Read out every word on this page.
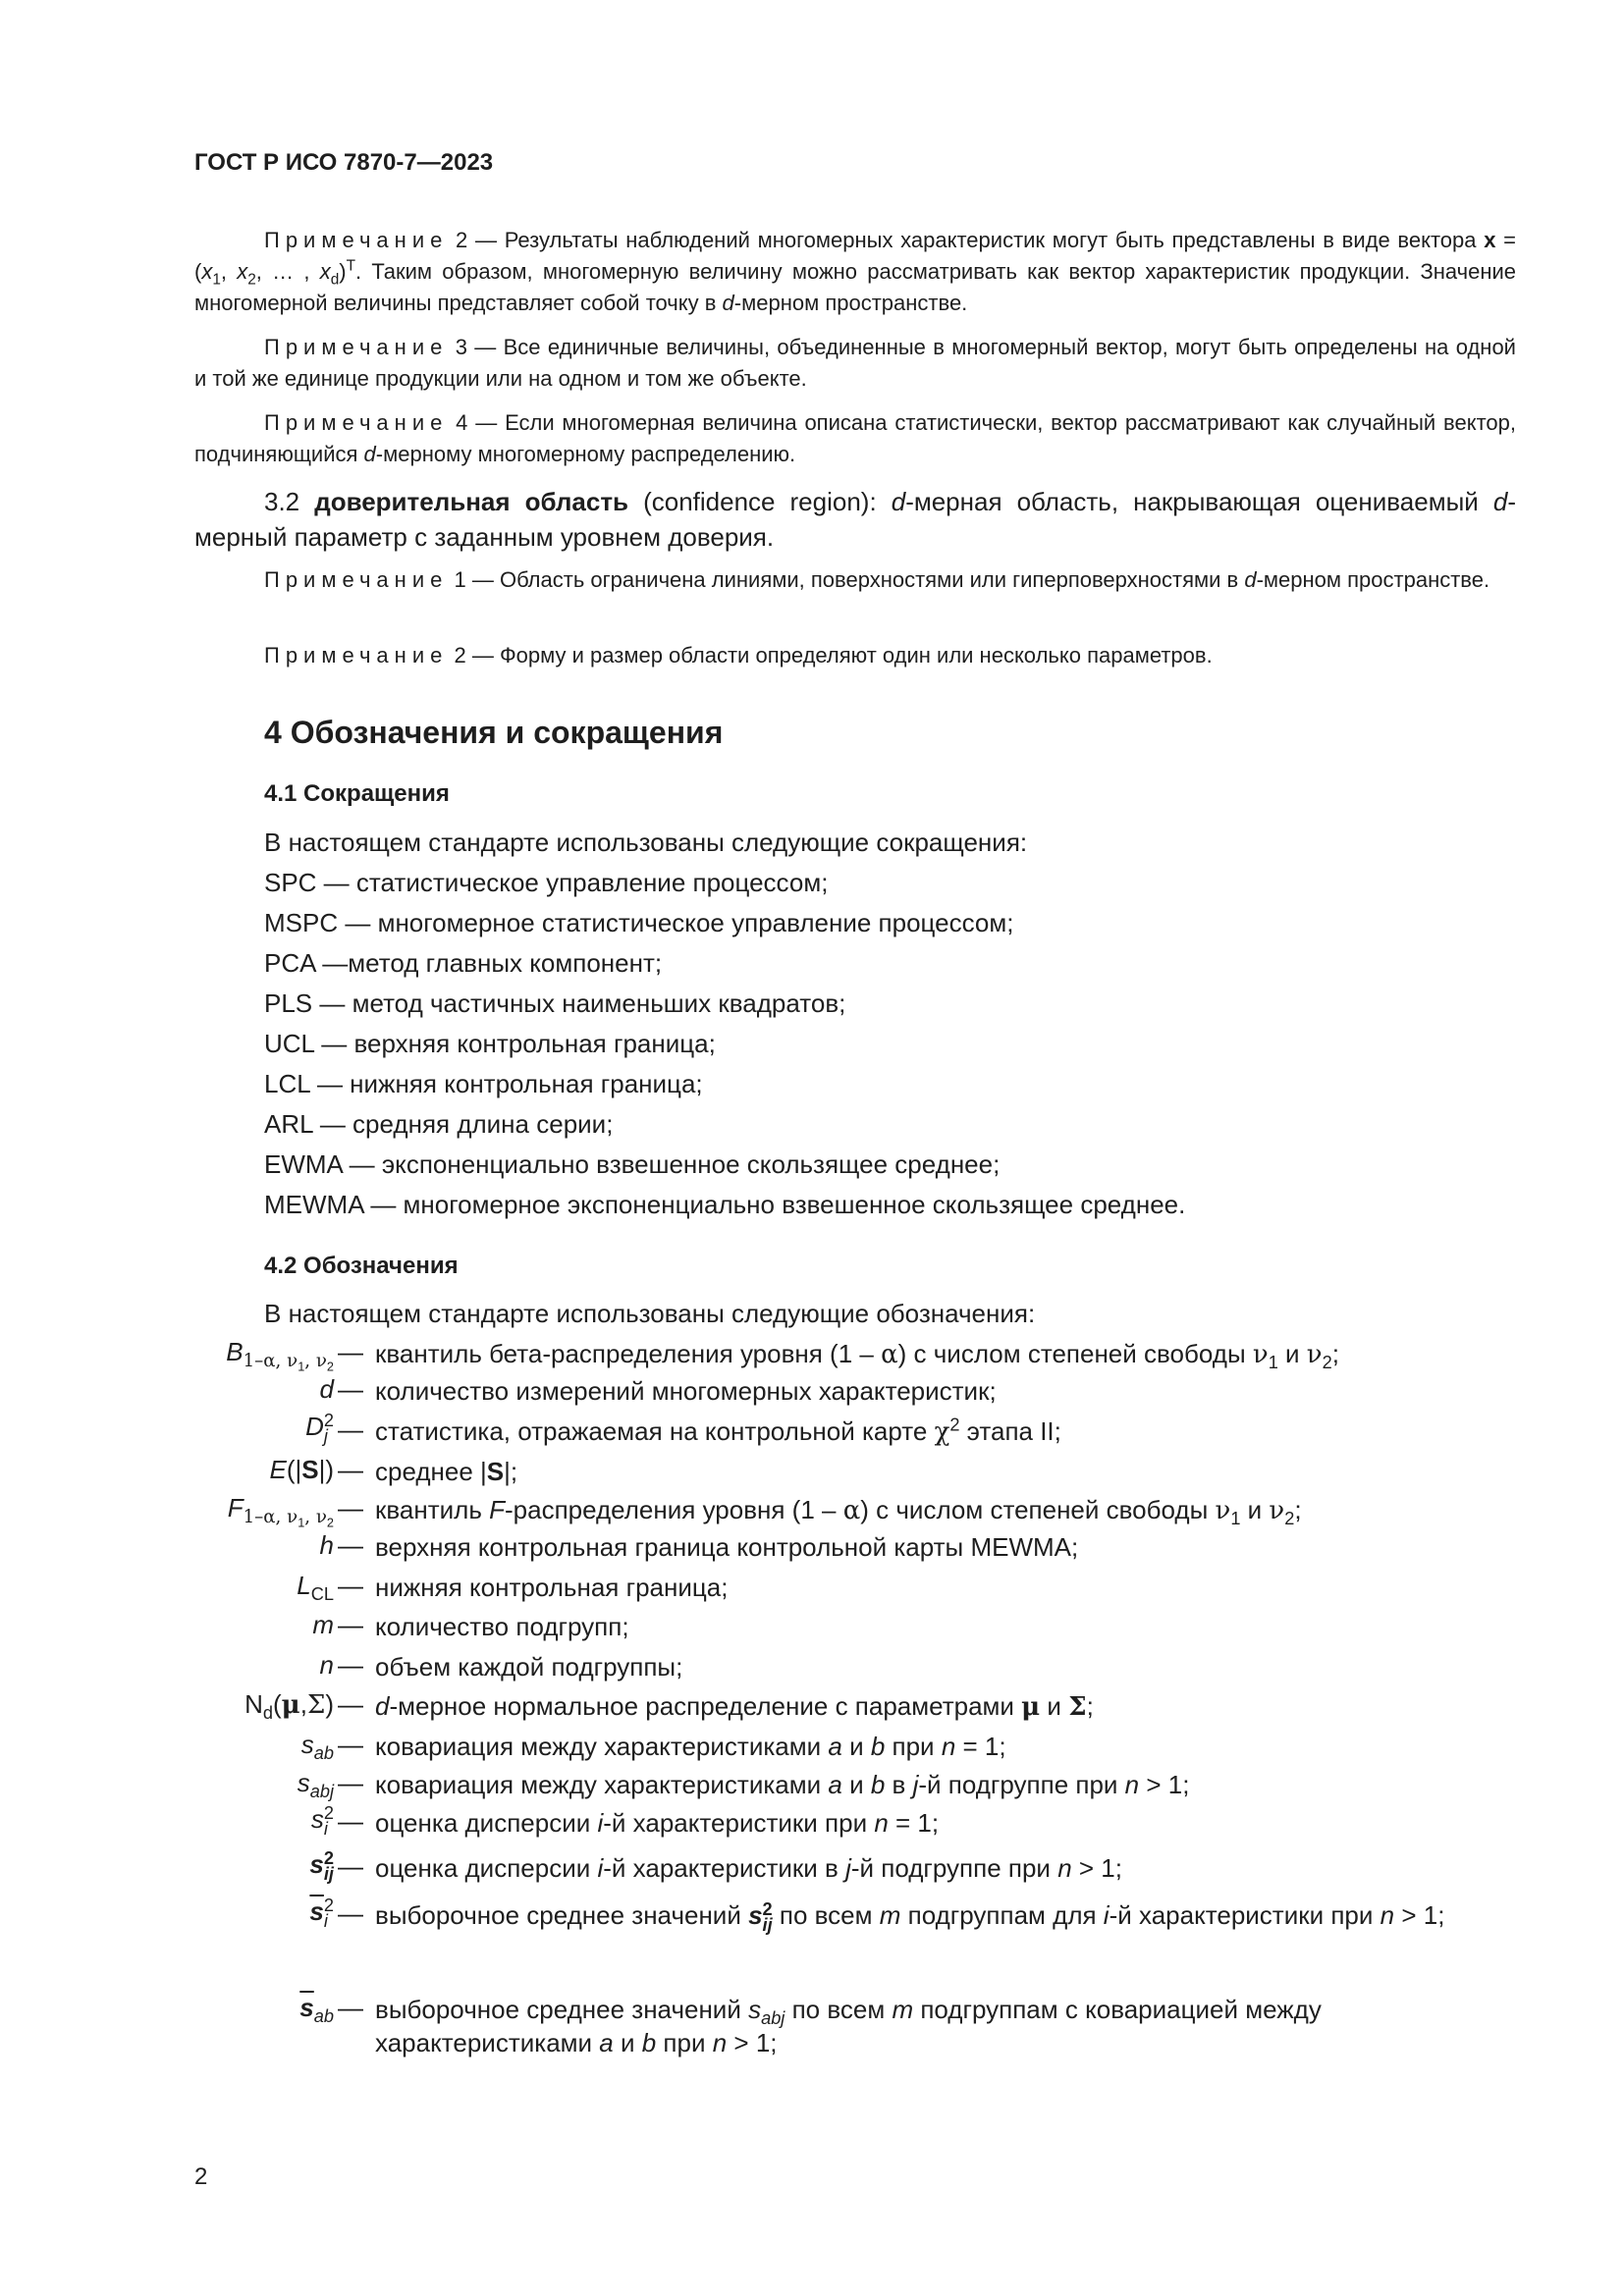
ГОСТ Р ИСО 7870-7—2023
Примечание 2 — Результаты наблюдений многомерных характеристик могут быть представлены в виде вектора $x = (x_1$, $x_2$, … , $x_d)^T$. Таким образом, многомерную величину можно рассматривать как вектор характеристик продукции. Значение многомерной величины представляет собой точку в d-мерном пространстве.
Примечание 3 — Все единичные величины, объединенные в многомерный вектор, могут быть определены на одной и той же единице продукции или на одном и том же объекте.
Примечание 4 — Если многомерная величина описана статистически, вектор рассматривают как случайный вектор, подчиняющийся d-мерному многомерному распределению.
3.2 доверительная область (confidence region): d-мерная область, накрывающая оцениваемый d-мерный параметр с заданным уровнем доверия.
Примечание 1 — Область ограничена линиями, поверхностями или гиперповерхностями в d-мерном пространстве.
Примечание 2 — Форму и размер области определяют один или несколько параметров.
4 Обозначения и сокращения
4.1 Сокращения
В настоящем стандарте использованы следующие сокращения:
SPC — статистическое управление процессом;
MSPC — многомерное статистическое управление процессом;
PCA —метод главных компонент;
PLS — метод частичных наименьших квадратов;
UCL — верхняя контрольная граница;
LCL — нижняя контрольная граница;
ARL — средняя длина серии;
EWMA — экспоненциально взвешенное скользящее среднее;
MEWMA — многомерное экспоненциально взвешенное скользящее среднее.
4.2 Обозначения
В настоящем стандарте использованы следующие обозначения:
$B_{1-\alpha, \nu_1, \nu_2}$
— квантиль бета-распределения уровня (1 – α) с числом степеней свободы $\nu_1$ и $\nu_2$;
d — количество измерений многомерных характеристик;
D 2
j — статистика, отражаемая на контрольной карте $\chi^2$ этапа II;
E(|S|) — среднее |S|;
$F_{1-\alpha, \nu_1, \nu_2}$
— квантиль F-распределения уровня (1 – α) с числом степеней свободы $\nu_1$ и $\nu_2$;
h — верхняя контрольная граница контрольной карты MEWMA;
$L_{CL}$ — нижняя контрольная граница;
m — количество подгрупп;
n — объем каждой подгруппы;
$N_d(\mu,\Sigma)$ — d-мерное нормальное распределение с параметрами μ и Σ;
$s_{ab}$ — ковариация между характеристиками a и b при n = 1;
$s_{abj}$ — ковариация между характеристиками a и b в j-й подгруппе при n > 1;
s 2
i — оценка дисперсии i-й характеристики при n = 1;
s 2
ij — оценка дисперсии i-й характеристики в j-й подгруппе при n > 1;
$\overline{s}$ 2
i — выборочное среднее значений s 2
ij по всем m подгруппам для i-й характеристики при n > 1;
$\overline{s}_{ab}$ — выборочное среднее значений $s_{abj}$ по всем m подгруппам с ковариацией между характеристиками a и b при n > 1;
2
